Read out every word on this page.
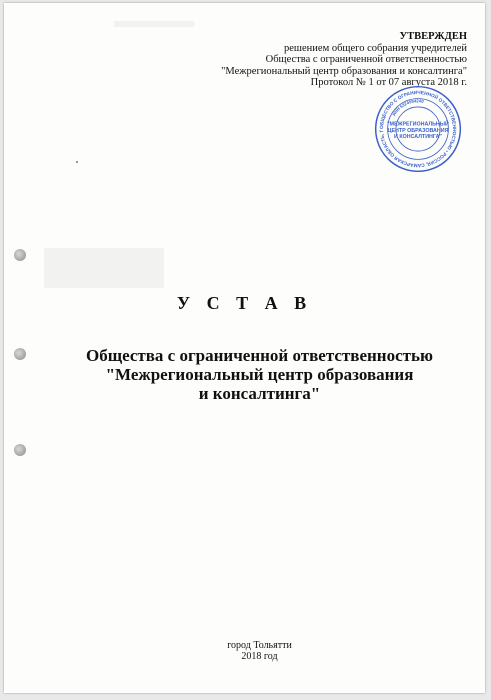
УТВЕРЖДЕН
решением общего собрания учредителей
Общества с ограниченной ответственностью
"Межрегиональный центр образования и консалтинга"
Протокол № 1 от 07 августа 2018 г.
ОБЩЕСТВО С ОГРАНИЧЕННОЙ ОТВЕТСТВЕННОСТЬЮ • РОССИЯ, САМАРСКАЯ ОБЛАСТЬ, Г
ИНН 6324094240
"МЕЖРЕГИОНАЛЬНЫЙ
ЦЕНТР ОБРАЗОВАНИЯ
И КОНСАЛТИНГА"
У С Т А В
Общества с ограниченной ответственностью
"Межрегиональный центр образования
и консалтинга"
город Тольятти
2018 год
